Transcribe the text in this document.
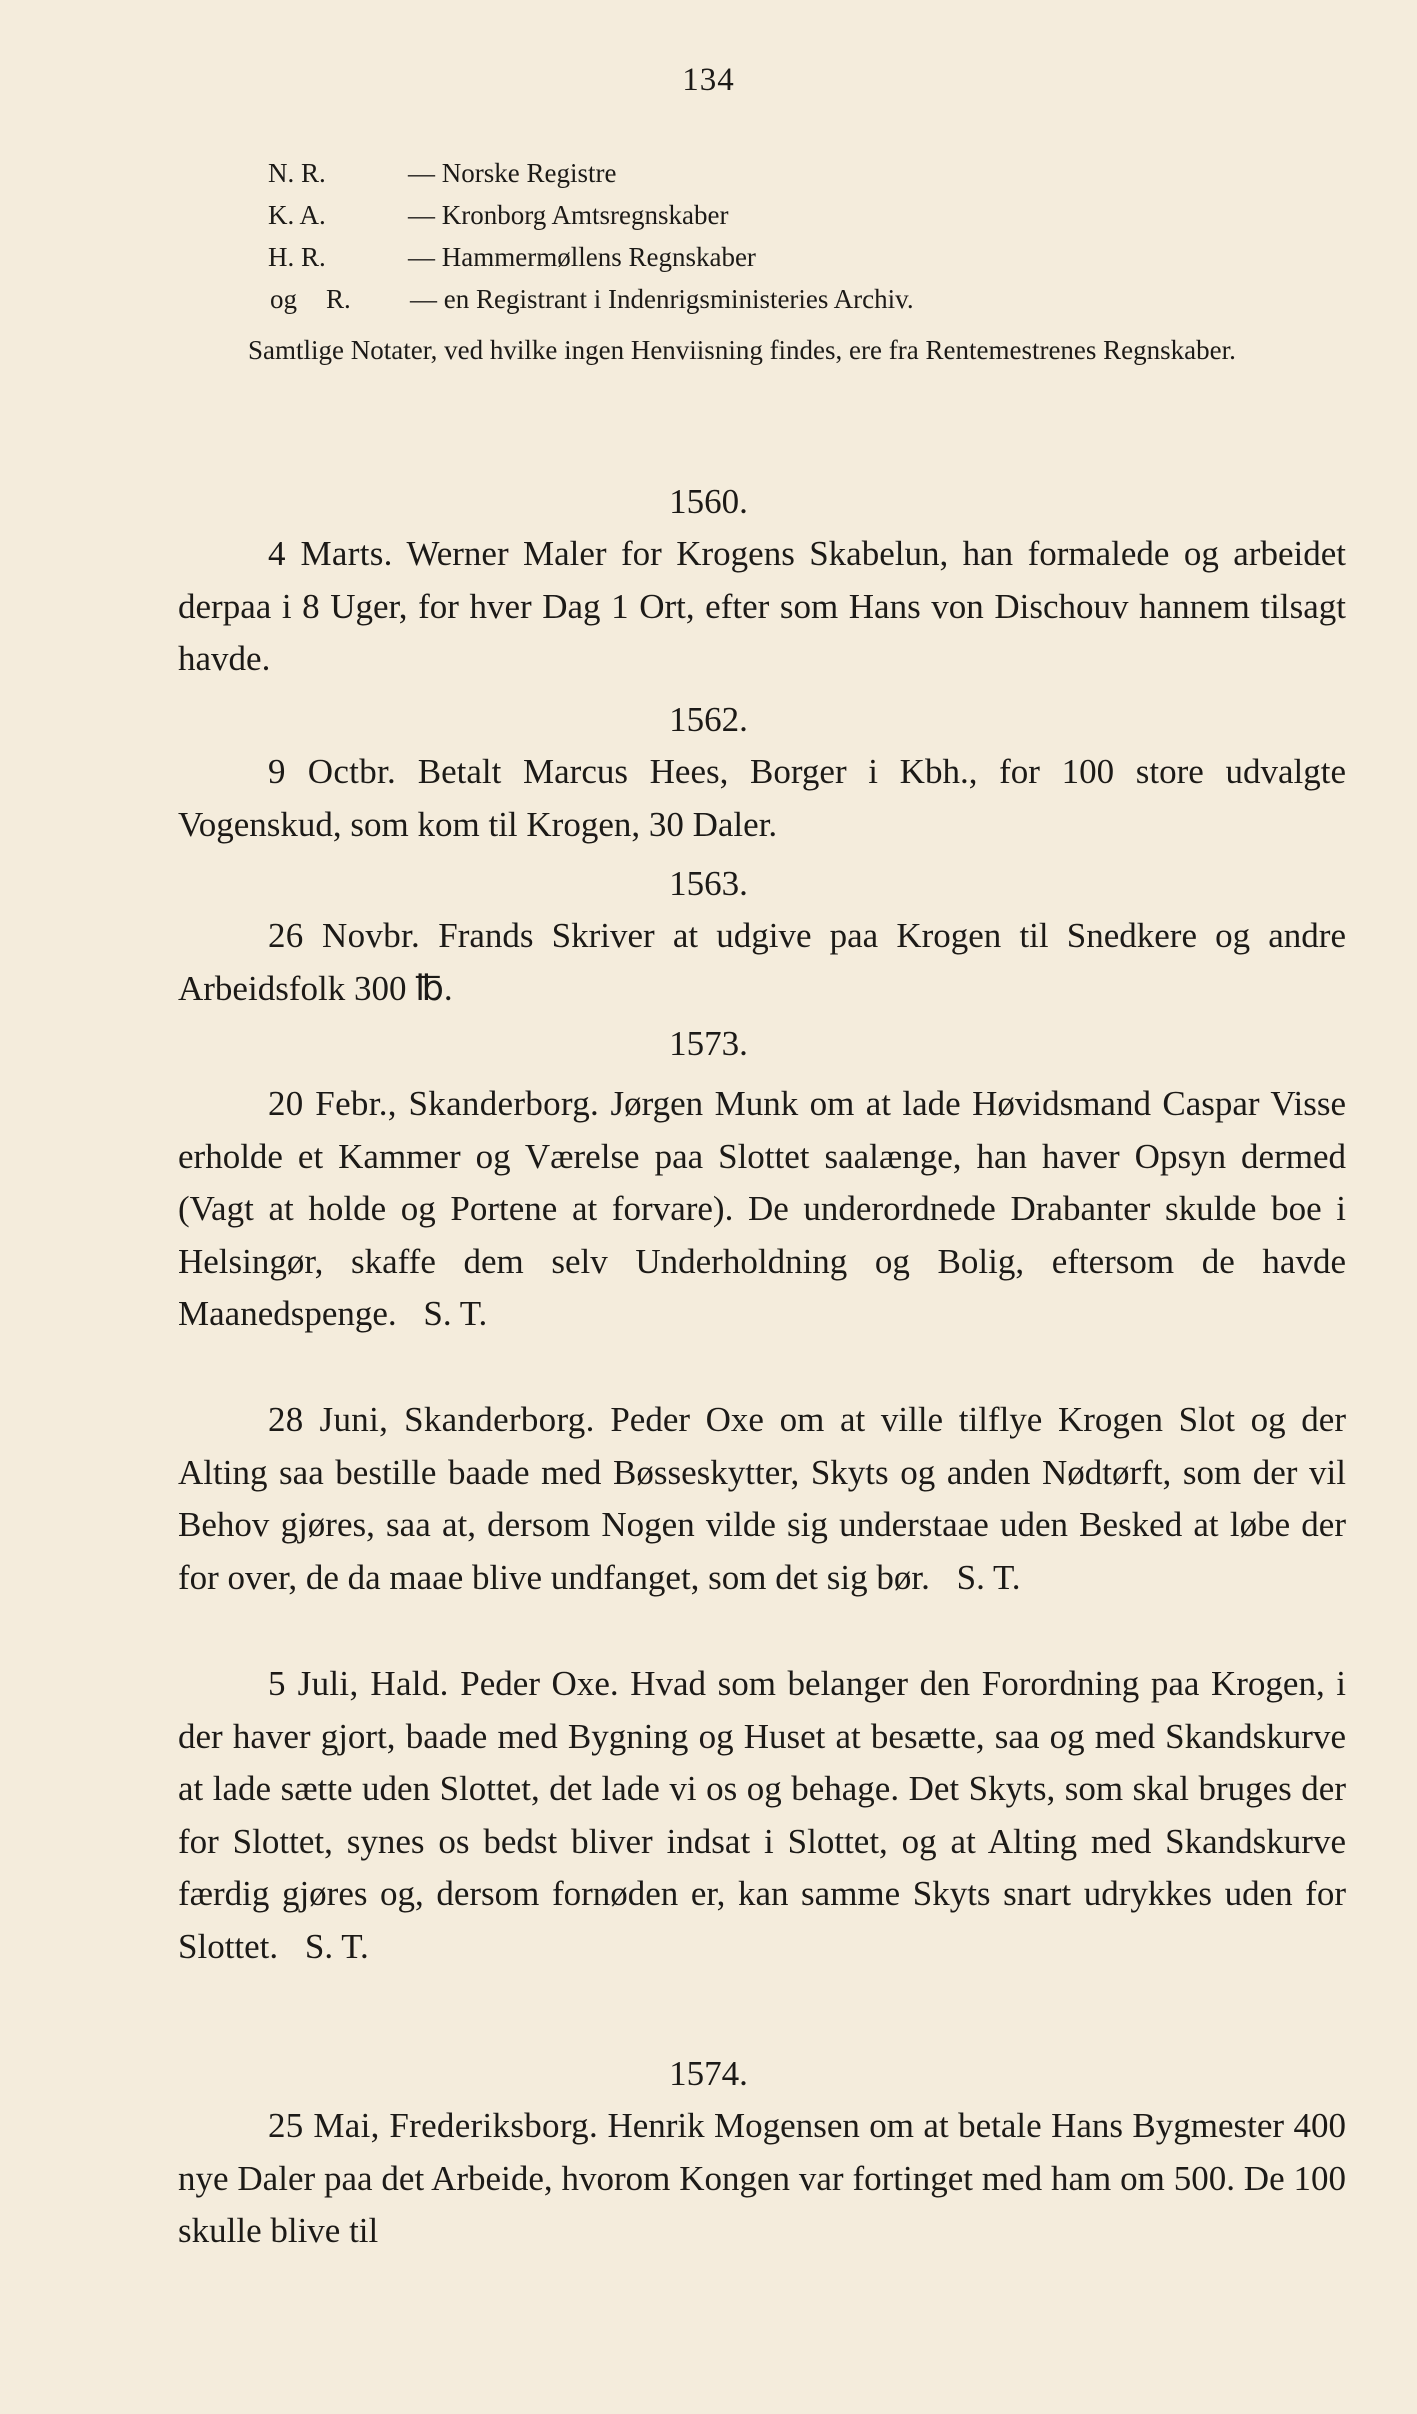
134
N. R.	— Norske Registre
K. A.	— Kronborg Amtsregnskaber
H. R.	— Hammermøllens Regnskaber
og R. — en Registrant i Indenrigsministeries Archiv.

Samtlige Notater, ved hvilke ingen Henviisning findes, ere fra Rentemestrenes Regnskaber.

1560.

4 Marts. Werner Maler for Krogens Skabelun, han formalede og arbeidet derpaa i 8 Uger, for hver Dag 1 Ort, efter som Hans von Dischouv hannem tilsagt havde.

1562.

9 Octbr. Betalt Marcus Hees, Borger i Kbh., for 100 store udvalgte Vogenskud, som kom til Krogen, 30 Daler.

1563.

26 Novbr. Frands Skriver at udgive paa Krogen til Snedkere og andre Arbeidsfolk 300 ℔.

1573.

20 Febr., Skanderborg. Jørgen Munk om at lade Høvidsmand Caspar Visse erholde et Kammer og Værelse paa Slottet saalænge, han haver Opsyn dermed (Vagt at holde og Portene at forvare). De underordnede Drabanter skulde boe i Helsingør, skaffe dem selv Underholdning og Bolig, eftersom de havde Maanedspenge. S. T.

28 Juni, Skanderborg. Peder Oxe om at ville tilflye Krogen Slot og der Alting saa bestille baade med Bøsseskytter, Skyts og anden Nødtørft, som der vil Behov gjøres, saa at, dersom Nogen vilde sig understaae uden Besked at løbe der for over, de da maae blive undfanget, som det sig bør. S. T.

5 Juli, Hald. Peder Oxe. Hvad som belanger den Forordning paa Krogen, i der haver gjort, baade med Bygning og Huset at besætte, saa og med Skandskurve at lade sætte uden Slottet, det lade vi os og behage. Det Skyts, som skal bruges der for Slottet, synes os bedst bliver indsat i Slottet, og at Alting med Skandskurve færdig gjøres og, dersom fornøden er, kan samme Skyts snart udrykkes uden for Slottet. S. T.

1574.

25 Mai, Frederiksborg. Henrik Mogensen om at betale Hans Bygmester 400 nye Daler paa det Arbeide, hvorom Kongen var fortinget med ham om 500. De 100 skulle blive til
